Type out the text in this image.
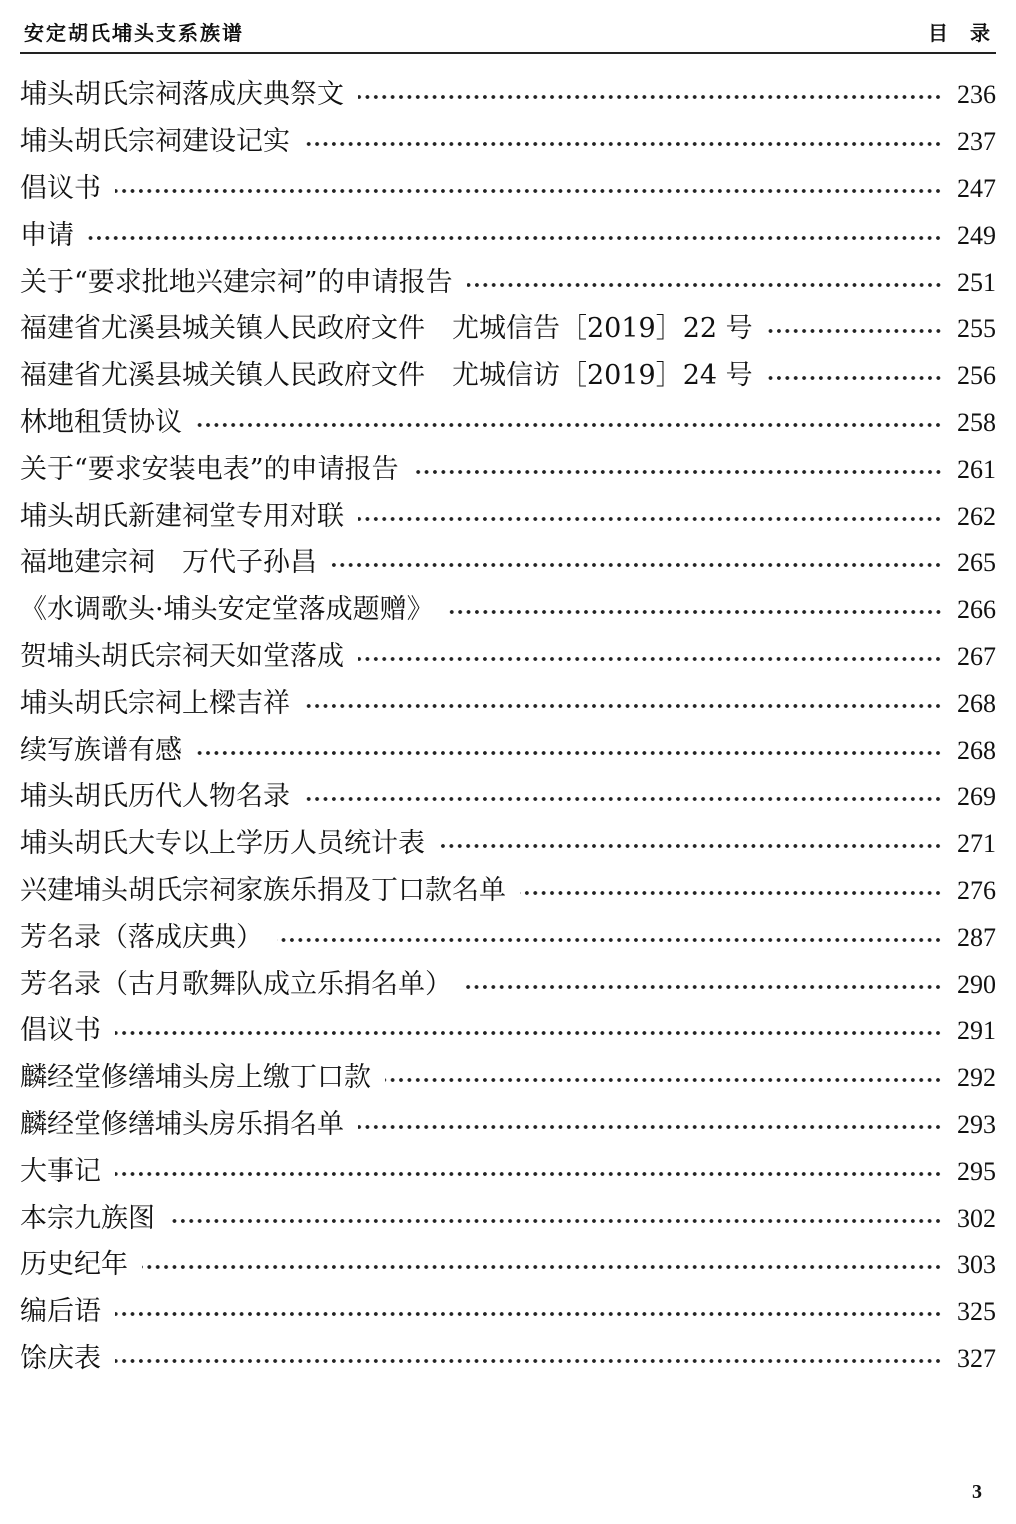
安定胡氏埔头支系族谱	目录
埔头胡氏宗祠落成庆典祭文	236
埔头胡氏宗祠建设记实	237
倡议书	247
申请	249
关于“要求批地兴建宗祠”的申请报告	251
福建省尤溪县城关镇人民政府文件　尤城信告［2019］22 号	255
福建省尤溪县城关镇人民政府文件　尤城信访［2019］24 号	256
林地租赁协议	258
关于“要求安装电表”的申请报告	261
埔头胡氏新建祠堂专用对联	262
福地建宗祠　万代子孙昌	265
《水调歌头·埔头安定堂落成题赠》	266
贺埔头胡氏宗祠天如堂落成	267
埔头胡氏宗祠上樑吉祥	268
续写族谱有感	268
埔头胡氏历代人物名录	269
埔头胡氏大专以上学历人员统计表	271
兴建埔头胡氏宗祠家族乐捐及丁口款名单	276
芳名录（落成庆典）	287
芳名录（古月歌舞队成立乐捐名单）	290
倡议书	291
麟经堂修缮埔头房上缴丁口款	292
麟经堂修缮埔头房乐捐名单	293
大事记	295
本宗九族图	302
历史纪年	303
编后语	325
馀庆表	327
3
